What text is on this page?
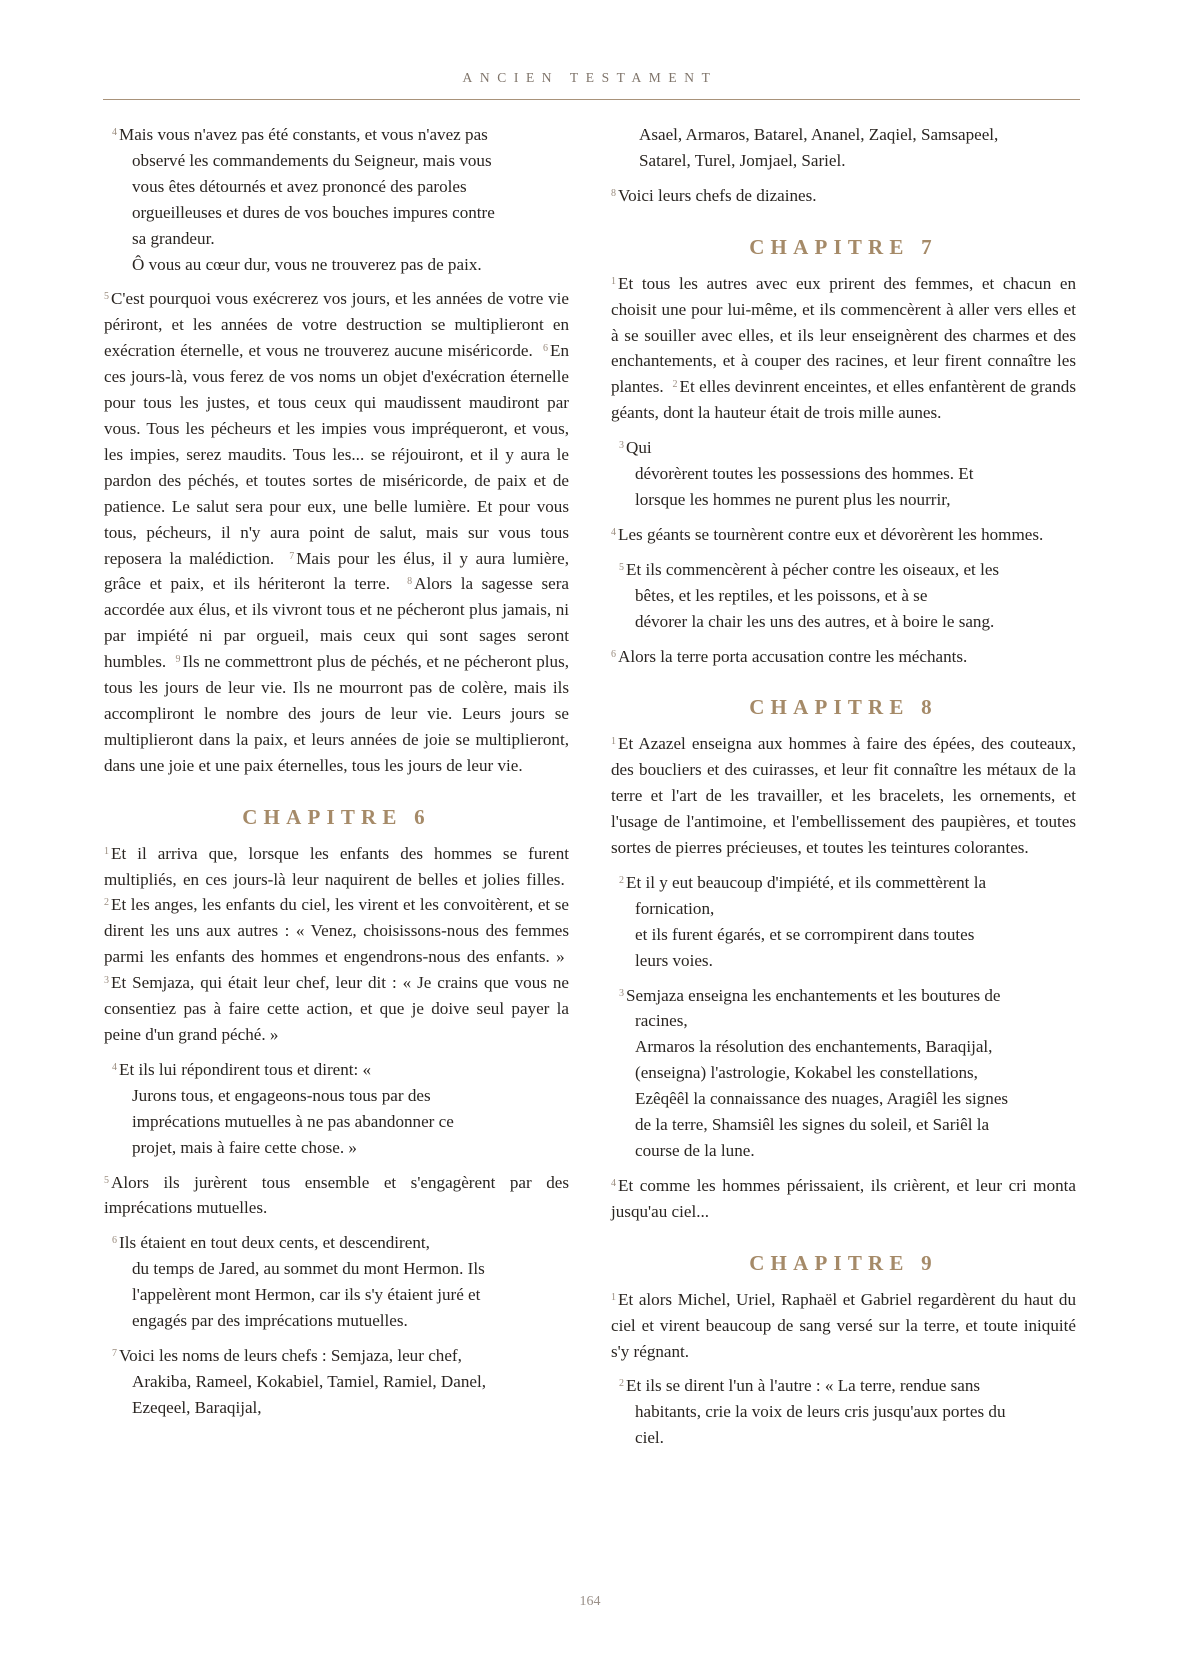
ANCIEN TESTAMENT
$^4$ Mais vous n'avez pas été constants, et vous n'avez pas
observé les commandements du Seigneur, mais vous
vous êtes détournés et avez prononcé des paroles
orgueilleuses et dures de vos bouches impures contre
sa grandeur.
Ô vous au cœur dur, vous ne trouverez pas de paix.

$^5$ C'est pourquoi vous exécrerez vos jours, et les années de votre vie périront, et les années de votre destruction se multiplieront en exécration éternelle, et vous ne trouverez aucune miséricorde. $^6$ En ces jours-là, vous ferez de vos noms un objet d'exécration éternelle pour tous les justes, et tous ceux qui maudissent maudiront par vous. Tous les pécheurs et les impies vous impréqueront, et vous, les impies, serez maudits. Tous les... se réjouiront, et il y aura le pardon des péchés, et toutes sortes de miséricorde, de paix et de patience. Le salut sera pour eux, une belle lumière. Et pour vous tous, pécheurs, il n'y aura point de salut, mais sur vous tous reposera la malédiction. $^7$ Mais pour les élus, il y aura lumière, grâce et paix, et ils hériteront la terre. $^8$ Alors la sagesse sera accordée aux élus, et ils vivront tous et ne pécheront plus jamais, ni par impiété ni par orgueil, mais ceux qui sont sages seront humbles. $^9$ Ils ne commettront plus de péchés, et ne pécheront plus, tous les jours de leur vie. Ils ne mourront pas de colère, mais ils accompliront le nombre des jours de leur vie. Leurs jours se multiplieront dans la paix, et leurs années de joie se multiplieront, dans une joie et une paix éternelles, tous les jours de leur vie.

CHAPITRE 6

$^1$ Et il arriva que, lorsque les enfants des hommes se furent multipliés, en ces jours-là leur naquirent de belles et jolies filles.  $^2$ Et les anges, les enfants du ciel, les virent et les convoitèrent, et se dirent les uns aux autres : « Venez, choisissons-nous des femmes parmi les enfants des hommes et engendrons-nous des enfants. »  $^3$ Et Semjaza, qui était leur chef, leur dit : « Je crains que vous ne consentiez pas à faire cette action, et que je doive seul payer la peine d'un grand péché. »

$^4$ Et ils lui répondirent tous et dirent: «
Jurons tous, et engageons-nous tous par des
imprécations mutuelles à ne pas abandonner ce
projet, mais à faire cette chose. »

$^5$ Alors ils jurèrent tous ensemble et s'engagèrent par des imprécations mutuelles.

$^6$ Ils étaient en tout deux cents, et descendirent,
du temps de Jared, au sommet du mont Hermon. Ils
l'appelèrent mont Hermon, car ils s'y étaient juré et
engagés par des imprécations mutuelles.
$^7$ Voici les noms de leurs chefs : Semjaza, leur chef,
Arakiba, Rameel, Kokabiel, Tamiel, Ramiel, Danel,
Ezeqeel, Baraqijal,
Asael, Armaros, Batarel, Ananel, Zaqiel, Samsapeel,
Satarel, Turel, Jomjael, Sariel.

$^8$ Voici leurs chefs de dizaines.

CHAPITRE 7

$^1$ Et tous les autres avec eux prirent des femmes, et chacun en choisit une pour lui-même, et ils commencèrent à aller vers elles et à se souiller avec elles, et ils leur enseignèrent des charmes et des enchantements, et à couper des racines, et leur firent connaître les plantes. $^2$ Et elles devinrent enceintes, et elles enfantèrent de grands géants, dont la hauteur était de trois mille aunes.

$^3$ Qui
dévorèrent toutes les possessions des hommes. Et
lorsque les hommes ne purent plus les nourrir,

$^4$ Les géants se tournèrent contre eux et dévorèrent les hommes.

$^5$ Et ils commencèrent à pécher contre les oiseaux, et les
bêtes, et les reptiles, et les poissons, et à se
dévorer la chair les uns des autres, et à boire le sang.

$^6$ Alors la terre porta accusation contre les méchants.

CHAPITRE 8

$^1$ Et Azazel enseigna aux hommes à faire des épées, des couteaux, des boucliers et des cuirasses, et leur fit connaître les métaux de la terre et l'art de les travailler, et les bracelets, les ornements, et l'usage de l'antimoine, et l'embellissement des paupières, et toutes sortes de pierres précieuses, et toutes les teintures colorantes.

$^2$ Et il y eut beaucoup d'impiété, et ils commettèrent la
fornication,
et ils furent égarés, et se corrompirent dans toutes
leurs voies.
$^3$ Semjaza enseigna les enchantements et les boutures de
racines,
Armaros la résolution des enchantements, Baraqijal,
(enseigna) l'astrologie, Kokabel les constellations,
Ezêqêêl la connaissance des nuages, Aragiêl les signes
de la terre, Shamsiêl les signes du soleil, et Sariêl la
course de la lune.

$^4$ Et comme les hommes périssaient, ils crièrent, et leur cri monta jusqu'au ciel...

CHAPITRE 9

$^1$ Et alors Michel, Uriel, Raphaël et Gabriel regardèrent du haut du ciel et virent beaucoup de sang versé sur la terre, et toute iniquité s'y régnant.

$^2$ Et ils se dirent l'un à l'autre : « La terre, rendue sans
habitants, crie la voix de leurs cris jusqu'aux portes du
ciel.
164
